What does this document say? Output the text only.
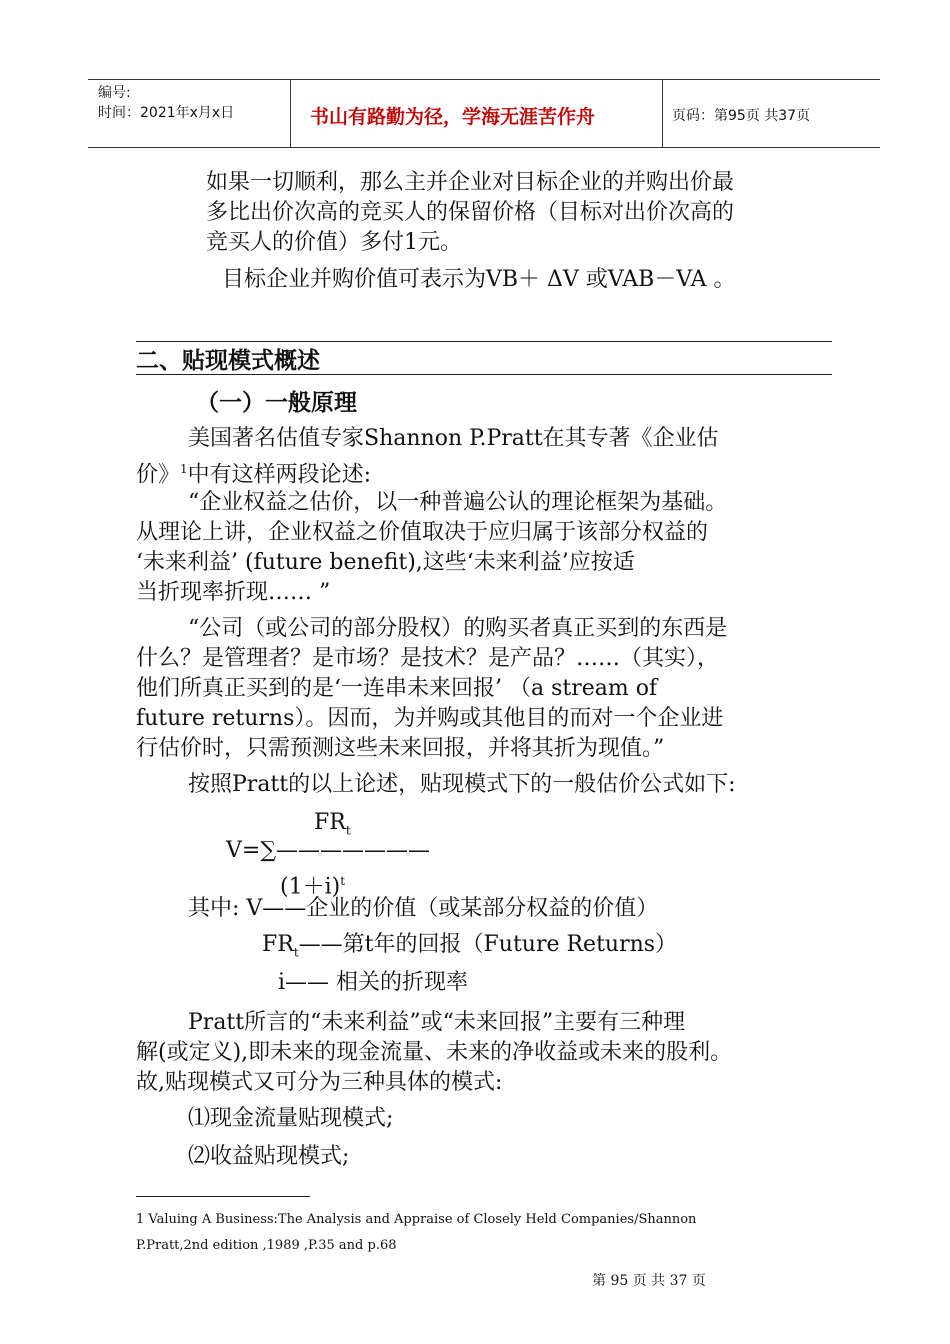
编号:
时间：2021年x月x日	书山有路勤为径，学海无涯苦作舟	页码：第95页 共37页
如果一切顺利，那么主并企业对目标企业的并购出价最
多比出价次高的竞买人的保留价格（目标对出价次高的
竞买人的价值）多付1元。
目标企业并购价值可表示为VB＋ ΔV 或VAB－VA 。
二、贴现模式概述
（一）一般原理
美国著名估值专家Shannon P.Pratt在其专著《企业估
价》$^1$中有这样两段论述:
“企业权益之估价，以一种普遍公认的理论框架为基础。
从理论上讲，企业权益之价值取决于应归属于该部分权益的
‘未来利益’ (future benefit),这些‘未来利益’应按适
当折现率折现…… ”
“公司（或公司的部分股权）的购买者真正买到的东西是
什么？是管理者？是市场？是技术？是产品？……（其实），
他们所真正买到的是‘一连串未来回报’ （a stream of
future returns）。因而，为并购或其他目的而对一个企业进
行估价时，只需预测这些未来回报，并将其折为现值。”
按照Pratt的以上论述，贴现模式下的一般估价公式如下:
$FR_t$
V=∑———————
$(1+i)^t$
其中: V——企业的价值（或某部分权益的价值）
$FR_t——$第t年的回报（Future Returns）
i—— 相关的折现率
Pratt所言的“未来利益”或“未来回报”主要有三种理
解(或定义),即未来的现金流量、未来的净收益或未来的股利。
故,贴现模式又可分为三种具体的模式:
⑴现金流量贴现模式;
⑵收益贴现模式;
1 Valuing A Business:The Analysis and Appraise of Closely Held Companies/Shannon
P.Pratt,2nd edition ,1989 ,P.35 and p.68
第 95 页 共 37 页
